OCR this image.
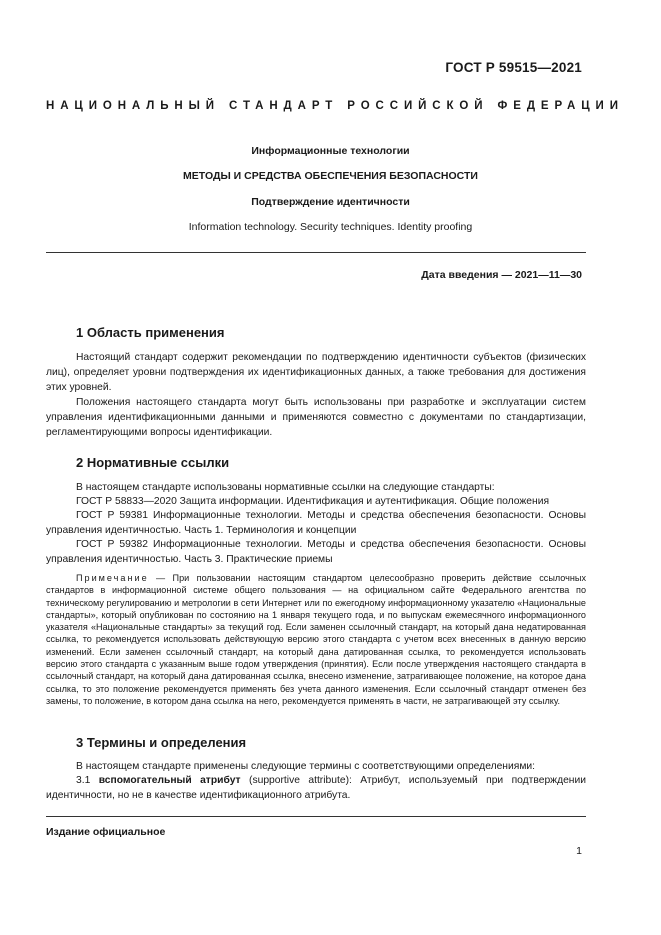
ГОСТ Р 59515—2021
НАЦИОНАЛЬНЫЙ СТАНДАРТ РОССИЙСКОЙ ФЕДЕРАЦИИ
Информационные технологии
МЕТОДЫ И СРЕДСТВА ОБЕСПЕЧЕНИЯ БЕЗОПАСНОСТИ
Подтверждение идентичности
Information technology. Security techniques. Identity proofing
Дата введения — 2021—11—30
1 Область применения
Настоящий стандарт содержит рекомендации по подтверждению идентичности субъектов (физических лиц), определяет уровни подтверждения их идентификационных данных, а также требования для достижения этих уровней.
Положения настоящего стандарта могут быть использованы при разработке и эксплуатации систем управления идентификационными данными и применяются совместно с документами по стандартизации, регламентирующими вопросы идентификации.
2 Нормативные ссылки
В настоящем стандарте использованы нормативные ссылки на следующие стандарты:
ГОСТ Р 58833—2020 Защита информации. Идентификация и аутентификация. Общие положения
ГОСТ Р 59381 Информационные технологии. Методы и средства обеспечения безопасности. Основы управления идентичностью. Часть 1. Терминология и концепции
ГОСТ Р 59382 Информационные технологии. Методы и средства обеспечения безопасности. Основы управления идентичностью. Часть 3. Практические приемы
Примечание — При пользовании настоящим стандартом целесообразно проверить действие ссылочных стандартов в информационной системе общего пользования — на официальном сайте Федерального агентства по техническому регулированию и метрологии в сети Интернет или по ежегодному информационному указателю «Национальные стандарты», который опубликован по состоянию на 1 января текущего года, и по выпускам ежемесячного информационного указателя «Национальные стандарты» за текущий год. Если заменен ссылочный стандарт, на который дана недатированная ссылка, то рекомендуется использовать действующую версию этого стандарта с учетом всех внесенных в данную версию изменений. Если заменен ссылочный стандарт, на который дана датированная ссылка, то рекомендуется использовать версию этого стандарта с указанным выше годом утверждения (принятия). Если после утверждения настоящего стандарта в ссылочный стандарт, на который дана датированная ссылка, внесено изменение, затрагивающее положение, на которое дана ссылка, то это положение рекомендуется применять без учета данного изменения. Если ссылочный стандарт отменен без замены, то положение, в котором дана ссылка на него, рекомендуется применять в части, не затрагивающей эту ссылку.
3 Термины и определения
В настоящем стандарте применены следующие термины с соответствующими определениями:
3.1 вспомогательный атрибут (supportive attribute): Атрибут, используемый при подтверждении идентичности, но не в качестве идентификационного атрибута.
Издание официальное
1
